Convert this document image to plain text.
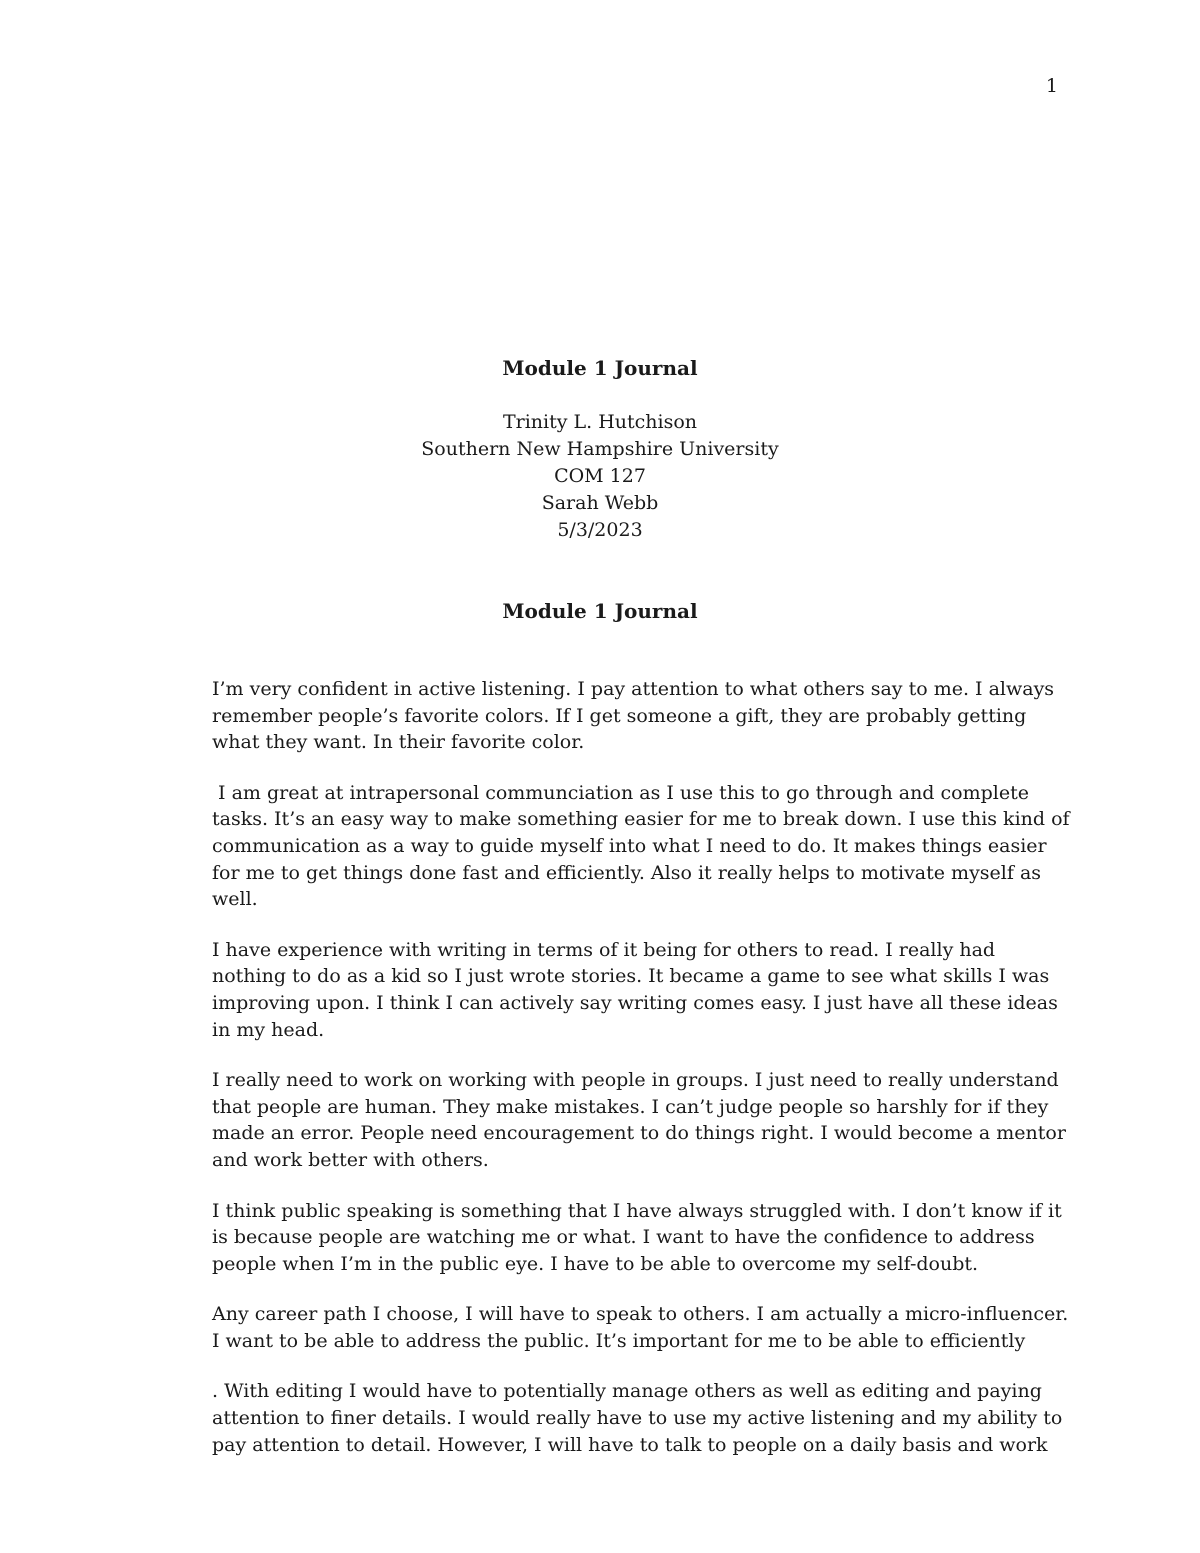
1

Module 1 Journal

Trinity L. Hutchison

Southern New Hampshire University

COM 127

Sarah Webb

5/3/2023

Module 1 Journal

I’m very confident in active listening. I pay attention to what others say to me. I always remember people’s favorite colors. If I get someone a gift, they are probably getting what they want. In their favorite color.

I am great at intrapersonal communciation as I use this to go through and complete tasks. It’s an easy way to make something easier for me to break down. I use this kind of communication as a way to guide myself into what I need to do. It makes things easier for me to get things done fast and efficiently. Also it really helps to motivate myself as well.

I have experience with writing in terms of it being for others to read. I really had nothing to do as a kid so I just wrote stories. It became a game to see what skills I was improving upon. I think I can actively say writing comes easy. I just have all these ideas in my head.

I really need to work on working with people in groups. I just need to really understand that people are human. They make mistakes. I can’t judge people so harshly for if they made an error. People need encouragement to do things right. I would become a mentor and work better with others.

I think public speaking is something that I have always struggled with. I don’t know if it is because people are watching me or what. I want to have the confidence to address people when I’m in the public eye. I have to be able to overcome my self-doubt.

Any career path I choose, I will have to speak to others. I am actually a micro-influencer. I want to be able to address the public. It’s important for me to be able to efficiently

. With editing I would have to potentially manage others as well as editing and paying attention to finer details. I would really have to use my active listening and my ability to pay attention to detail. However, I will have to talk to people on a daily basis and work
